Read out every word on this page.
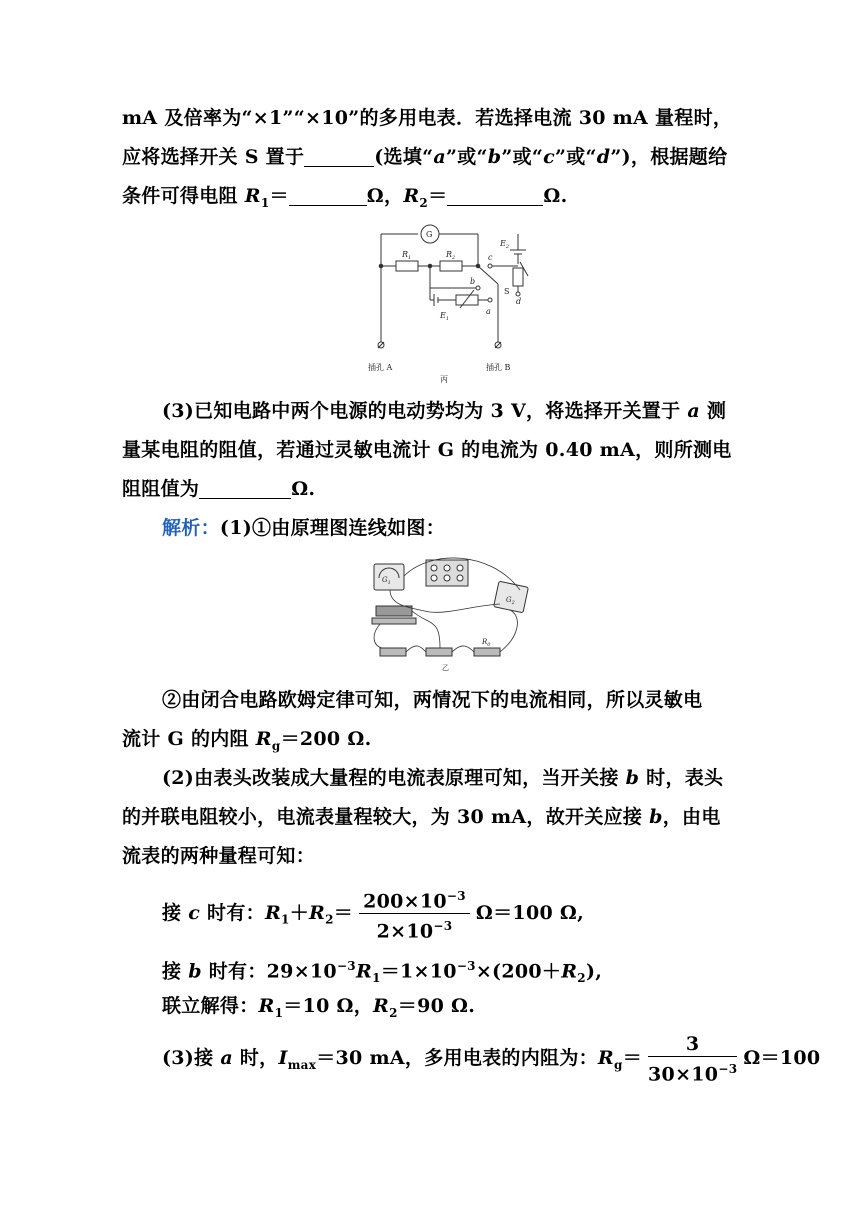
mA 及倍率为“×1”“×10”的多用电表．若选择电流 30 mA 量程时，
应将选择开关 S 置于	(选填“a”或“b”或“c”或“d”)，根据题给
条件可得电阻 $R_1=$	Ω，$R_2=$	Ω.
G
$R_1$	$R_2$
$E_2$
$E_1$
c
b
a
d
S
插孔 A	插孔 B
丙
(3)已知电路中两个电源的电动势均为 3 V，将选择开关置于 a 测
量某电阻的阻值，若通过灵敏电流计 G 的电流为 0.40 mA，则所测电
阻阻值为	Ω.
解析：(1)①由原理图连线如图：
$G_1$
$G_2$
$R_0$
乙
②由闭合电路欧姆定律可知，两情况下的电流相同，所以灵敏电
流计 G 的内阻 $R_g=200$ Ω.
(2)由表头改装成大量程的电流表原理可知，当开关接 b 时，表头
的并联电阻较小，电流表量程较大，为 30 mA，故开关应接 b，由电
流表的两种量程可知：
接 c 时有：$R_1+R_2= \frac{200\times 10^{-3}}{2\times 10^{-3}} \Omega=100$ Ω,
接 b 时有：$29\times 10^{-3}R_1=1\times 10^{-3}\times(200+R_2)$,
联立解得：$R_1=10$ Ω，$R_2=90$ Ω.
(3)接 a 时，$I_{max}=30$ mA，多用电表的内阻为：$R_g= \frac{3}{30\times 10^{-3}} \Omega=100$
